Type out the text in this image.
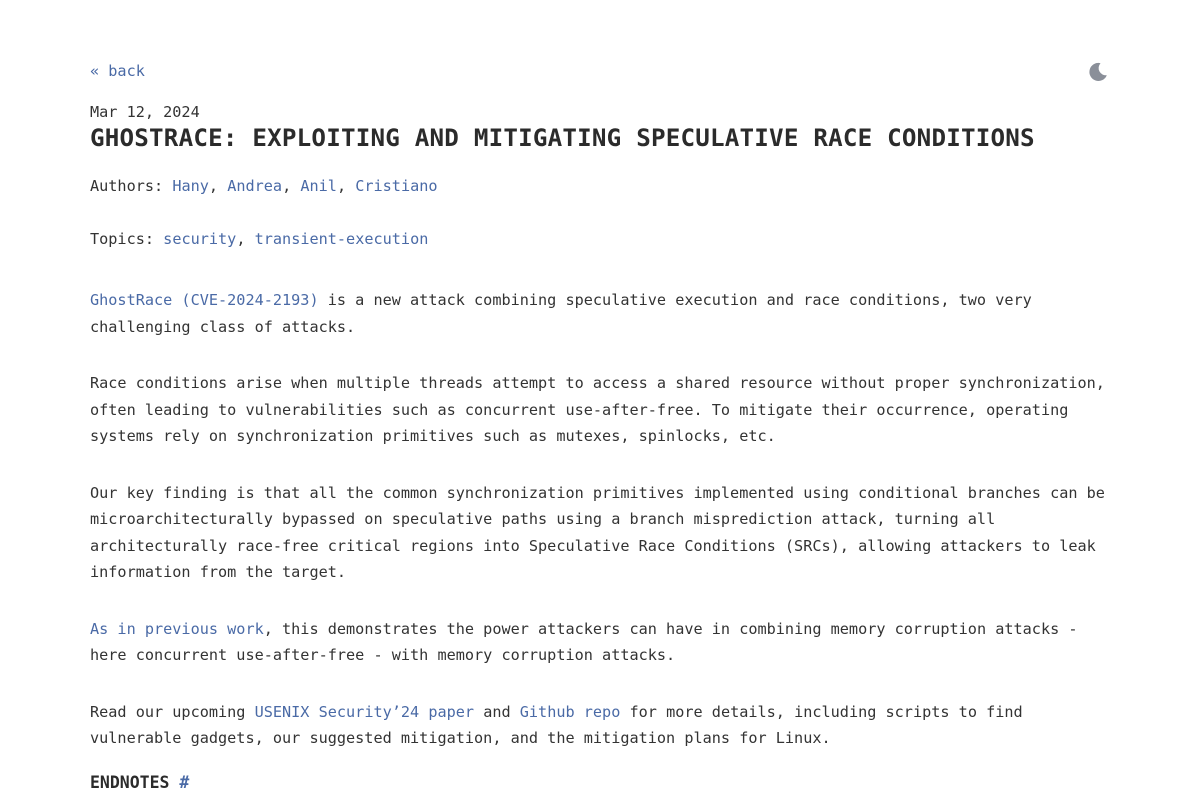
« back
Mar 12, 2024
GHOSTRACE: EXPLOITING AND MITIGATING SPECULATIVE RACE CONDITIONS
Authors: Hany, Andrea, Anil, Cristiano
Topics: security, transient-execution

GhostRace (CVE-2024-2193) is a new attack combining speculative execution and race conditions, two very challenging class of attacks.

Race conditions arise when multiple threads attempt to access a shared resource without proper synchronization, often leading to vulnerabilities such as concurrent use-after-free. To mitigate their occurrence, operating systems rely on synchronization primitives such as mutexes, spinlocks, etc.

Our key finding is that all the common synchronization primitives implemented using conditional branches can be microarchitecturally bypassed on speculative paths using a branch misprediction attack, turning all architecturally race-free critical regions into Speculative Race Conditions (SRCs), allowing attackers to leak information from the target.

As in previous work, this demonstrates the power attackers can have in combining memory corruption attacks - here concurrent use-after-free - with memory corruption attacks.

Read our upcoming USENIX Security’24 paper and Github repo for more details, including scripts to find vulnerable gadgets, our suggested mitigation, and the mitigation plans for Linux.

ENDNOTES #
